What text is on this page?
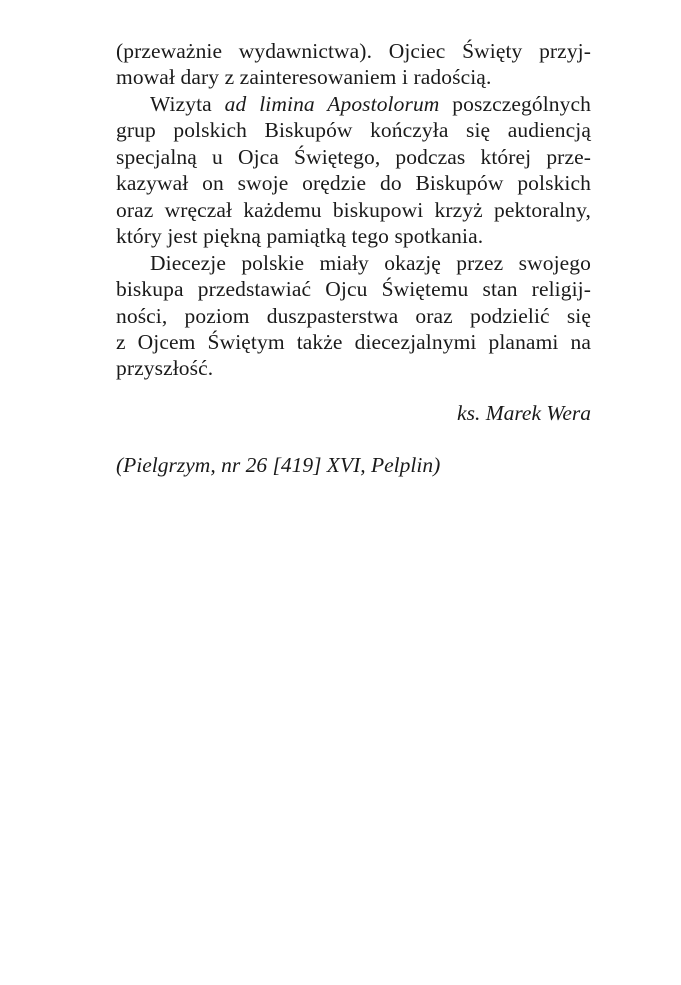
(przeważnie wydawnictwa). Ojciec Święty przyj-
mował dary z zainteresowaniem i radością.
Wizyta ad limina Apostolorum poszczególnych
grup polskich Biskupów kończyła się audiencją
specjalną u Ojca Świętego, podczas której prze-
kazywał on swoje orędzie do Biskupów polskich
oraz wręczał każdemu biskupowi krzyż pektoralny,
który jest piękną pamiątką tego spotkania.
Diecezje polskie miały okazję przez swojego
biskupa przedstawiać Ojcu Świętemu stan religij-
ności, poziom duszpasterstwa oraz podzielić się
z Ojcem Świętym także diecezjalnymi planami na
przyszłość.
ks. Marek Wera
(Pielgrzym, nr 26 [419] XVI, Pelplin)
